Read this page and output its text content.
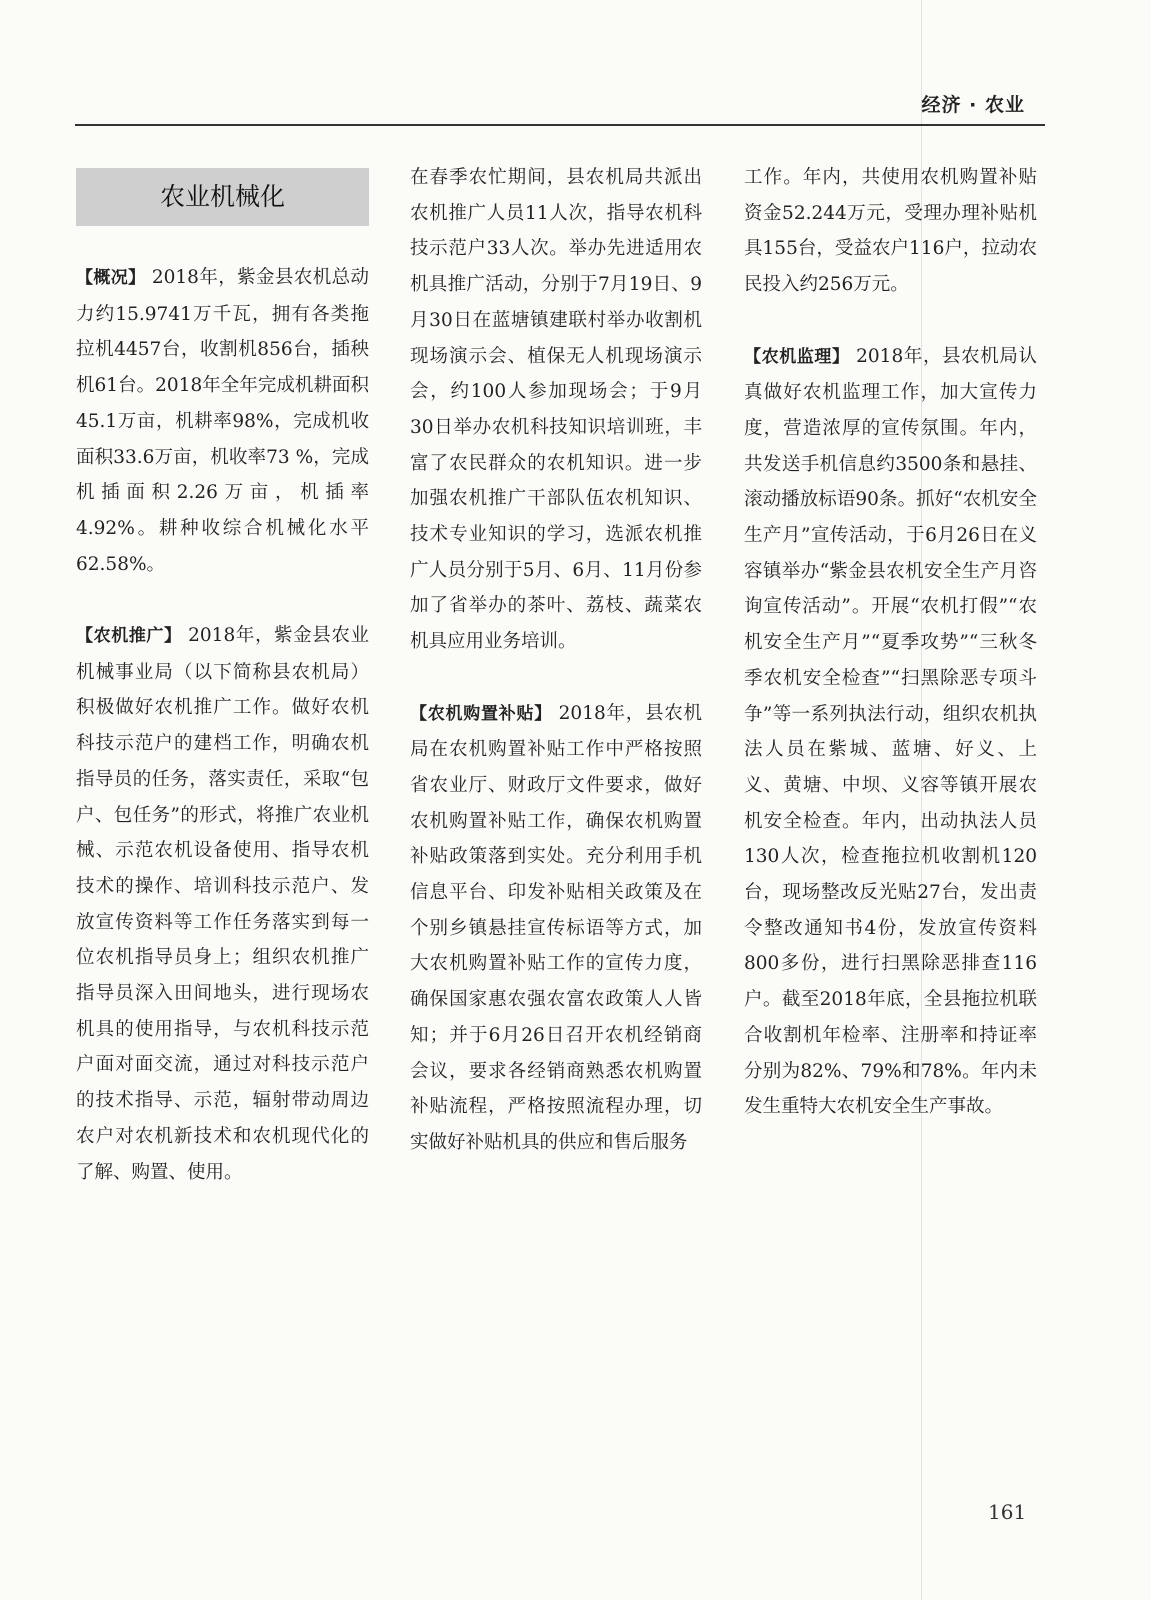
经济 · 农业
农业机械化

【概况】 2018年，紫金县农机总动力约15.9741万千瓦，拥有各类拖拉机4457台，收割机856台，插秧机61台。2018年全年完成机耕面积45.1万亩，机耕率98%，完成机收面积33.6万亩，机收率73 %，完成机插面积2.26万亩，机插率4.92%。耕种收综合机械化水平62.58%。

【农机推广】 2018年，紫金县农业机械事业局（以下简称县农机局）积极做好农机推广工作。做好农机科技示范户的建档工作，明确农机指导员的任务，落实责任，采取“包户、包任务”的形式，将推广农业机械、示范农机设备使用、指导农机技术的操作、培训科技示范户、发放宣传资料等工作任务落实到每一位农机指导员身上；组织农机推广指导员深入田间地头，进行现场农机具的使用指导，与农机科技示范户面对面交流，通过对科技示范户的技术指导、示范，辐射带动周边农户对农机新技术和农机现代化的了解、购置、使用。

在春季农忙期间，县农机局共派出农机推广人员11人次，指导农机科技示范户33人次。举办先进适用农机具推广活动，分别于7月19日、9月30日在蓝塘镇建联村举办收割机现场演示会、植保无人机现场演示会，约100人参加现场会；于9月30日举办农机科技知识培训班，丰富了农民群众的农机知识。进一步加强农机推广干部队伍农机知识、技术专业知识的学习，选派农机推广人员分别于5月、6月、11月份参加了省举办的茶叶、荔枝、蔬菜农机具应用业务培训。

【农机购置补贴】 2018年，县农机局在农机购置补贴工作中严格按照省农业厅、财政厅文件要求，做好农机购置补贴工作，确保农机购置补贴政策落到实处。充分利用手机信息平台、印发补贴相关政策及在个别乡镇悬挂宣传标语等方式，加大农机购置补贴工作的宣传力度，确保国家惠农强农富农政策人人皆知；并于6月26日召开农机经销商会议，要求各经销商熟悉农机购置补贴流程，严格按照流程办理，切实做好补贴机具的供应和售后服务

工作。年内，共使用农机购置补贴资金52.244万元，受理办理补贴机具155台，受益农户116户，拉动农民投入约256万元。

【农机监理】 2018年，县农机局认真做好农机监理工作，加大宣传力度，营造浓厚的宣传氛围。年内，共发送手机信息约3500条和悬挂、滚动播放标语90条。抓好“农机安全生产月”宣传活动，于6月26日在义容镇举办“紫金县农机安全生产月咨询宣传活动”。开展“农机打假”“农机安全生产月”“夏季攻势”“三秋冬季农机安全检查”“扫黑除恶专项斗争”等一系列执法行动，组织农机执法人员在紫城、蓝塘、好义、上义、黄塘、中坝、义容等镇开展农机安全检查。年内，出动执法人员130人次，检查拖拉机收割机120台，现场整改反光贴27台，发出责令整改通知书4份，发放宣传资料800多份，进行扫黑除恶排查116户。截至2018年底，全县拖拉机联合收割机年检率、注册率和持证率分别为82%、79%和78%。年内未发生重特大农机安全生产事故。

161
